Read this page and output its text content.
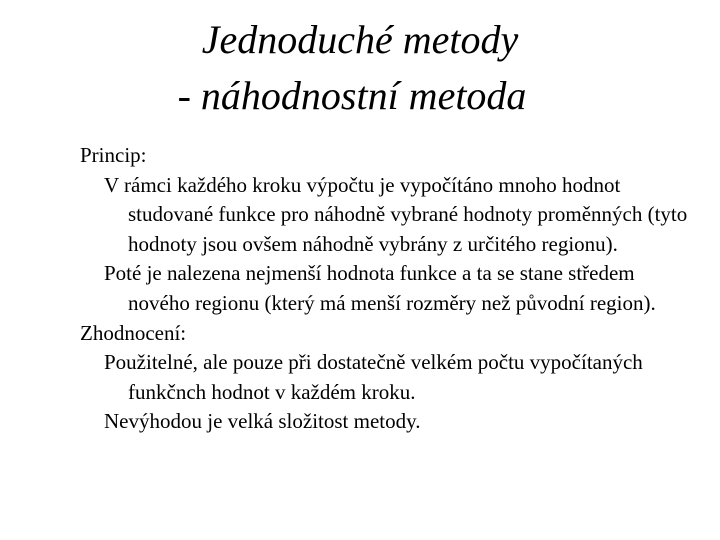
Jednoduché metody
- náhodnostní metoda
Princip:
V rámci každého kroku výpočtu je vypočítáno mnoho hodnot studované funkce pro náhodně vybrané hodnoty proměnných (tyto hodnoty jsou ovšem náhodně vybrány z určitého regionu).
Poté je nalezena nejmenší hodnota funkce a ta se stane středem nového regionu (který má menší rozměry než původní region).
Zhodnocení:
Použitelné, ale pouze při dostatečně velkém počtu vypočítaných funkčnch hodnot v každém kroku.
Nevýhodou je velká složitost metody.
